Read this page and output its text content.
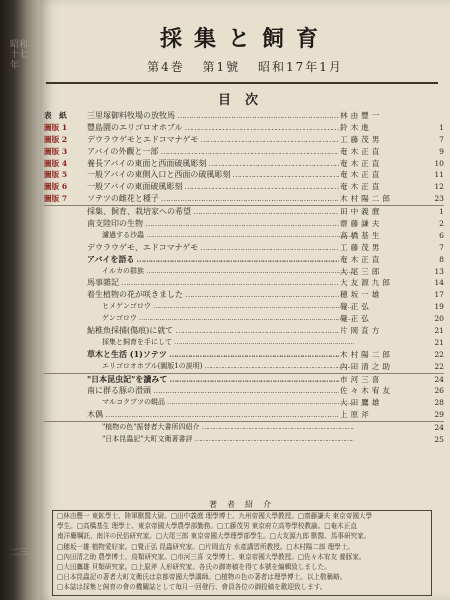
昭和十七年
二三
採集と飼育
第4巻 第1號 昭和17年1月
目次
表　紙	三里塚御料牧場の放牧馬 …………………………………………………………………………………………………………	林由豐一
圖版 1	豐島園のエリゴロオホブル …………………………………………………………………………………………………………	鈴木進	1
圖版 2	デウラウゲモとエドコマナゲモ …………………………………………………………………………………………………………	工藤茂男	7
圖版 3	アバイの外觀と一部 …………………………………………………………………………………………………………	奄木正直	9
圖版 4	養長アバイの東面と西面破風彫刻 …………………………………………………………………………………………………………	奄木正直	10
圖版 5	一般アバイの東側入口と西面の破風彫刻 …………………………………………………………………………………………………………	奄木正直	11
圖版 6	一般アバイの東面破風彫刻 …………………………………………………………………………………………………………	奄木正直	12
圖版 7	ソテツの雌花と種子 …………………………………………………………………………………………………………	木村陽二郎	23
採集、飼育、栽培家への希望 …………………………………………………………………………………………………………	田中義麿	1
南支陸印の生物 …………………………………………………………………………………………………………	齋藤謙夫	2
濾過する沙蟲 …………………………………………………………………………………………………………	高橋基生	6
デウラウゲモ、エドコマナゲモ …………………………………………………………………………………………………………	工藤茂男	7
アバイを語る …………………………………………………………………………………………………………	奄木正直	8
イルカの群族 …………………………………………………………………………………………………………	大尾三郎	13
馬事雜記 …………………………………………………………………………………………………………	大友源九郎	14
着生植物の花が咲きました …………………………………………………………………………………………………………	穂坂一雄	17
ヒメゲンゴロウ …………………………………………………………………………………………………………	覺正弘	19
ゲンゴロウ …………………………………………………………………………………………………………	覺正弘	20
鮎稚魚採捕(傷痕)に就て …………………………………………………………………………………………………………	片岡直方	21
採集と飼育を手にして …………………………………………………………………………………………………………	21
草木と生活 (1)ソテツ …………………………………………………………………………………………………………	木村陽二郎	22
エリゴロオホブル(圖版1の説明) …………………………………………………………………………………………………………	內田清之助	22
"日本昆虫記"を讀みて …………………………………………………………………………………………………………	市河三喜	24
南に群る豚の滑頭 …………………………………………………………………………………………………………	佐々木宥友	26
マルコクブツの蜆品 …………………………………………………………………………………………………………	大田鷹雄	28
木偶 …………………………………………………………………………………………………………	上原斧	29
"植物の色"振替者大書所四紹介 …………………………………………………………………………………………………………	24
"日本昆蟲記"大町文衛著書評 …………………………………………………………………………………………………………	25
著者紹介
□林由豐一 東鉱學士、陸軍獸醫大尉。□田中義麿 理學博士、九州帝國大學教授。□齋藤謙夫 東京帝國大學
學生。□高橋基生 理學士、東京帝國大學農學部勤務。□工藤茂男 東京府立高等學校教諭。□奄木正直
南洋廳嘱託、南洋の民俗研究家。□大尾三郎 東京帝國大學理學部學生。□大友源九郎 獸醫、馬事研究家。
□穂坂一雄 植物愛好家。□覺正弘 昆蟲研究家。□片岡直方 水產講習所教授。□木村陽二郎 理學士。
□內田清之助 農學博士、鳥類研究家。□市河三喜 文學博士、東京帝國大學教授。□佐々木宥友 養豚家。
□大田鷹雄 貝類研究家。□上原斧 人形研究家。各氏の御寄稿を得て本號を編輯致しました。
□日本昆蟲記の著者大町文衛氏は京都帝國大學講師。□植物の色の著者は理學博士。以上敬稱略。
□本誌は採集と飼育の會の機關誌として毎月一回發行、會員各位の御投稿を歡迎致します。
